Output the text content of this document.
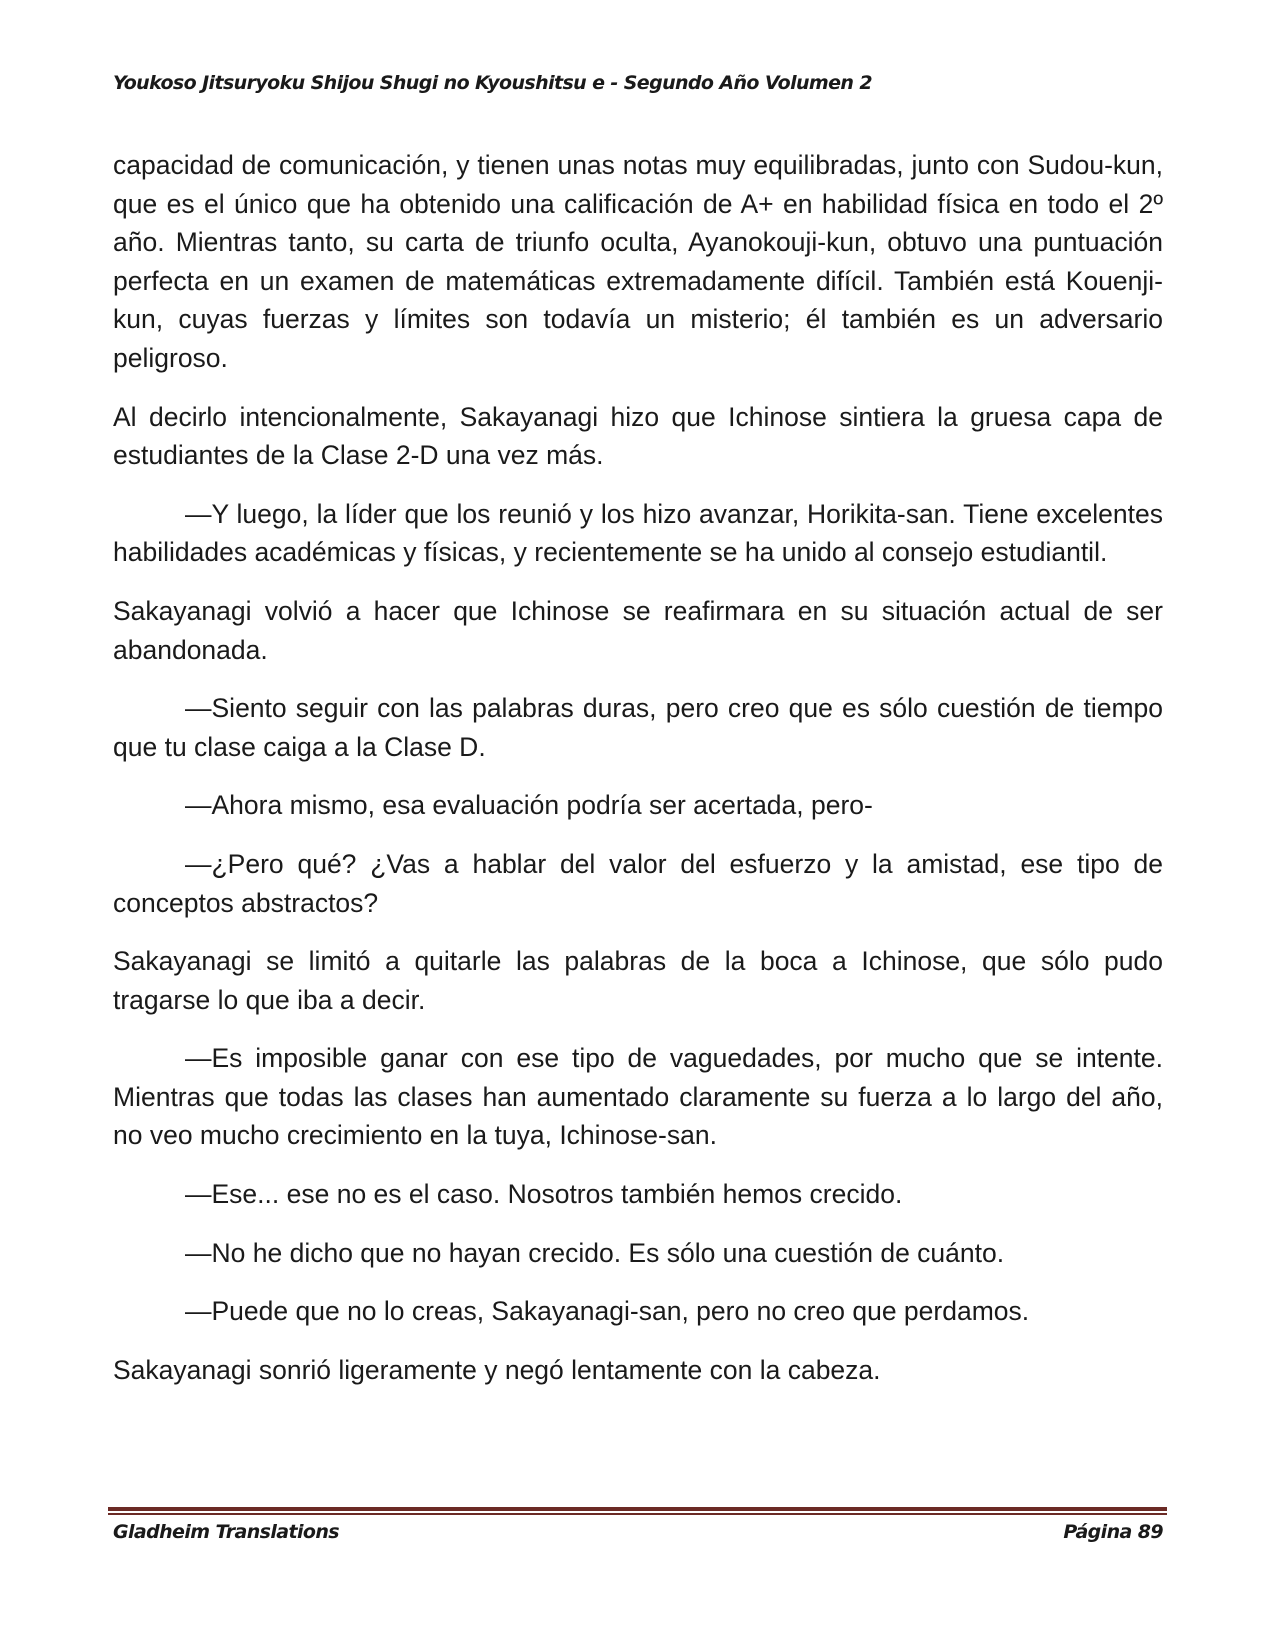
Youkoso Jitsuryoku Shijou Shugi no Kyoushitsu e - Segundo Año Volumen 2

capacidad de comunicación, y tienen unas notas muy equilibradas, junto con Sudou-kun, que es el único que ha obtenido una calificación de A+ en habilidad física en todo el 2º año. Mientras tanto, su carta de triunfo oculta, Ayanokouji-kun, obtuvo una puntuación perfecta en un examen de matemáticas extremadamente difícil. También está Kouenji-kun, cuyas fuerzas y límites son todavía un misterio; él también es un adversario peligroso.

Al decirlo intencionalmente, Sakayanagi hizo que Ichinose sintiera la gruesa capa de estudiantes de la Clase 2-D una vez más.

—Y luego, la líder que los reunió y los hizo avanzar, Horikita-san. Tiene excelentes habilidades académicas y físicas, y recientemente se ha unido al consejo estudiantil.

Sakayanagi volvió a hacer que Ichinose se reafirmara en su situación actual de ser abandonada.

—Siento seguir con las palabras duras, pero creo que es sólo cuestión de tiempo que tu clase caiga a la Clase D.

—Ahora mismo, esa evaluación podría ser acertada, pero-

—¿Pero qué? ¿Vas a hablar del valor del esfuerzo y la amistad, ese tipo de conceptos abstractos?

Sakayanagi se limitó a quitarle las palabras de la boca a Ichinose, que sólo pudo tragarse lo que iba a decir.

—Es imposible ganar con ese tipo de vaguedades, por mucho que se intente. Mientras que todas las clases han aumentado claramente su fuerza a lo largo del año, no veo mucho crecimiento en la tuya, Ichinose-san.

—Ese... ese no es el caso. Nosotros también hemos crecido.

—No he dicho que no hayan crecido. Es sólo una cuestión de cuánto.

—Puede que no lo creas, Sakayanagi-san, pero no creo que perdamos.

Sakayanagi sonrió ligeramente y negó lentamente con la cabeza.

Gladheim Translations	Página 89
